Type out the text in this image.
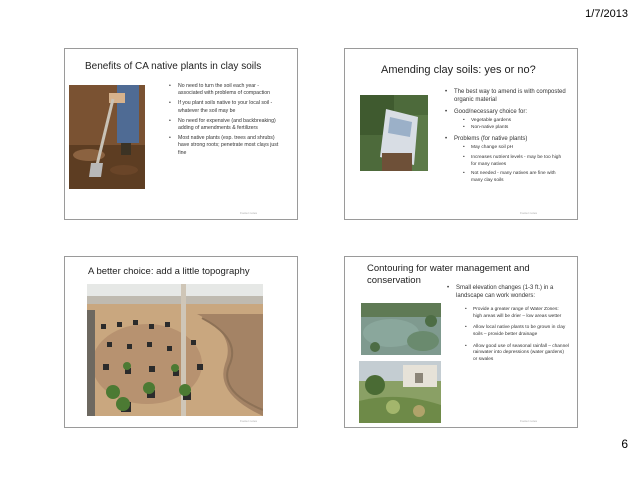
1/7/2013
Benefits of CA native plants in clay soils
• No need to turn the soil each year - associated with problems of compaction
• If you plant soils native to your local soil - whatever the soil may be
• No need for expensive (and backbreaking) adding of amendments & fertilizers
• Most native plants (esp. trees and shrubs) have strong roots; penetrate most clays just fine
Footer notes
Amending clay soils: yes or no?
• The best way to amend is with composted organic material
• Good/necessary choice for:
• Vegetable gardens
• Non-native plants
• Problems (for native plants)
• May change soil pH
• Increases nutrient levels - may be too high for many natives
• Not needed - many natives are fine with many clay soils
Footer notes
A better choice: add a little topography
Footer notes
Contouring for water management and conservation
• Small elevation changes (1-3 ft.) in a landscape can work wonders:
• Provide a greater range of Water Zones: high areas will be drier – low areas wetter
• Allow local native plants to be grown in clay soils – provide better drainage
• Allow good use of seasonal rainfall – channel rainwater into depressions (water gardens) or swales
Footer notes
6
